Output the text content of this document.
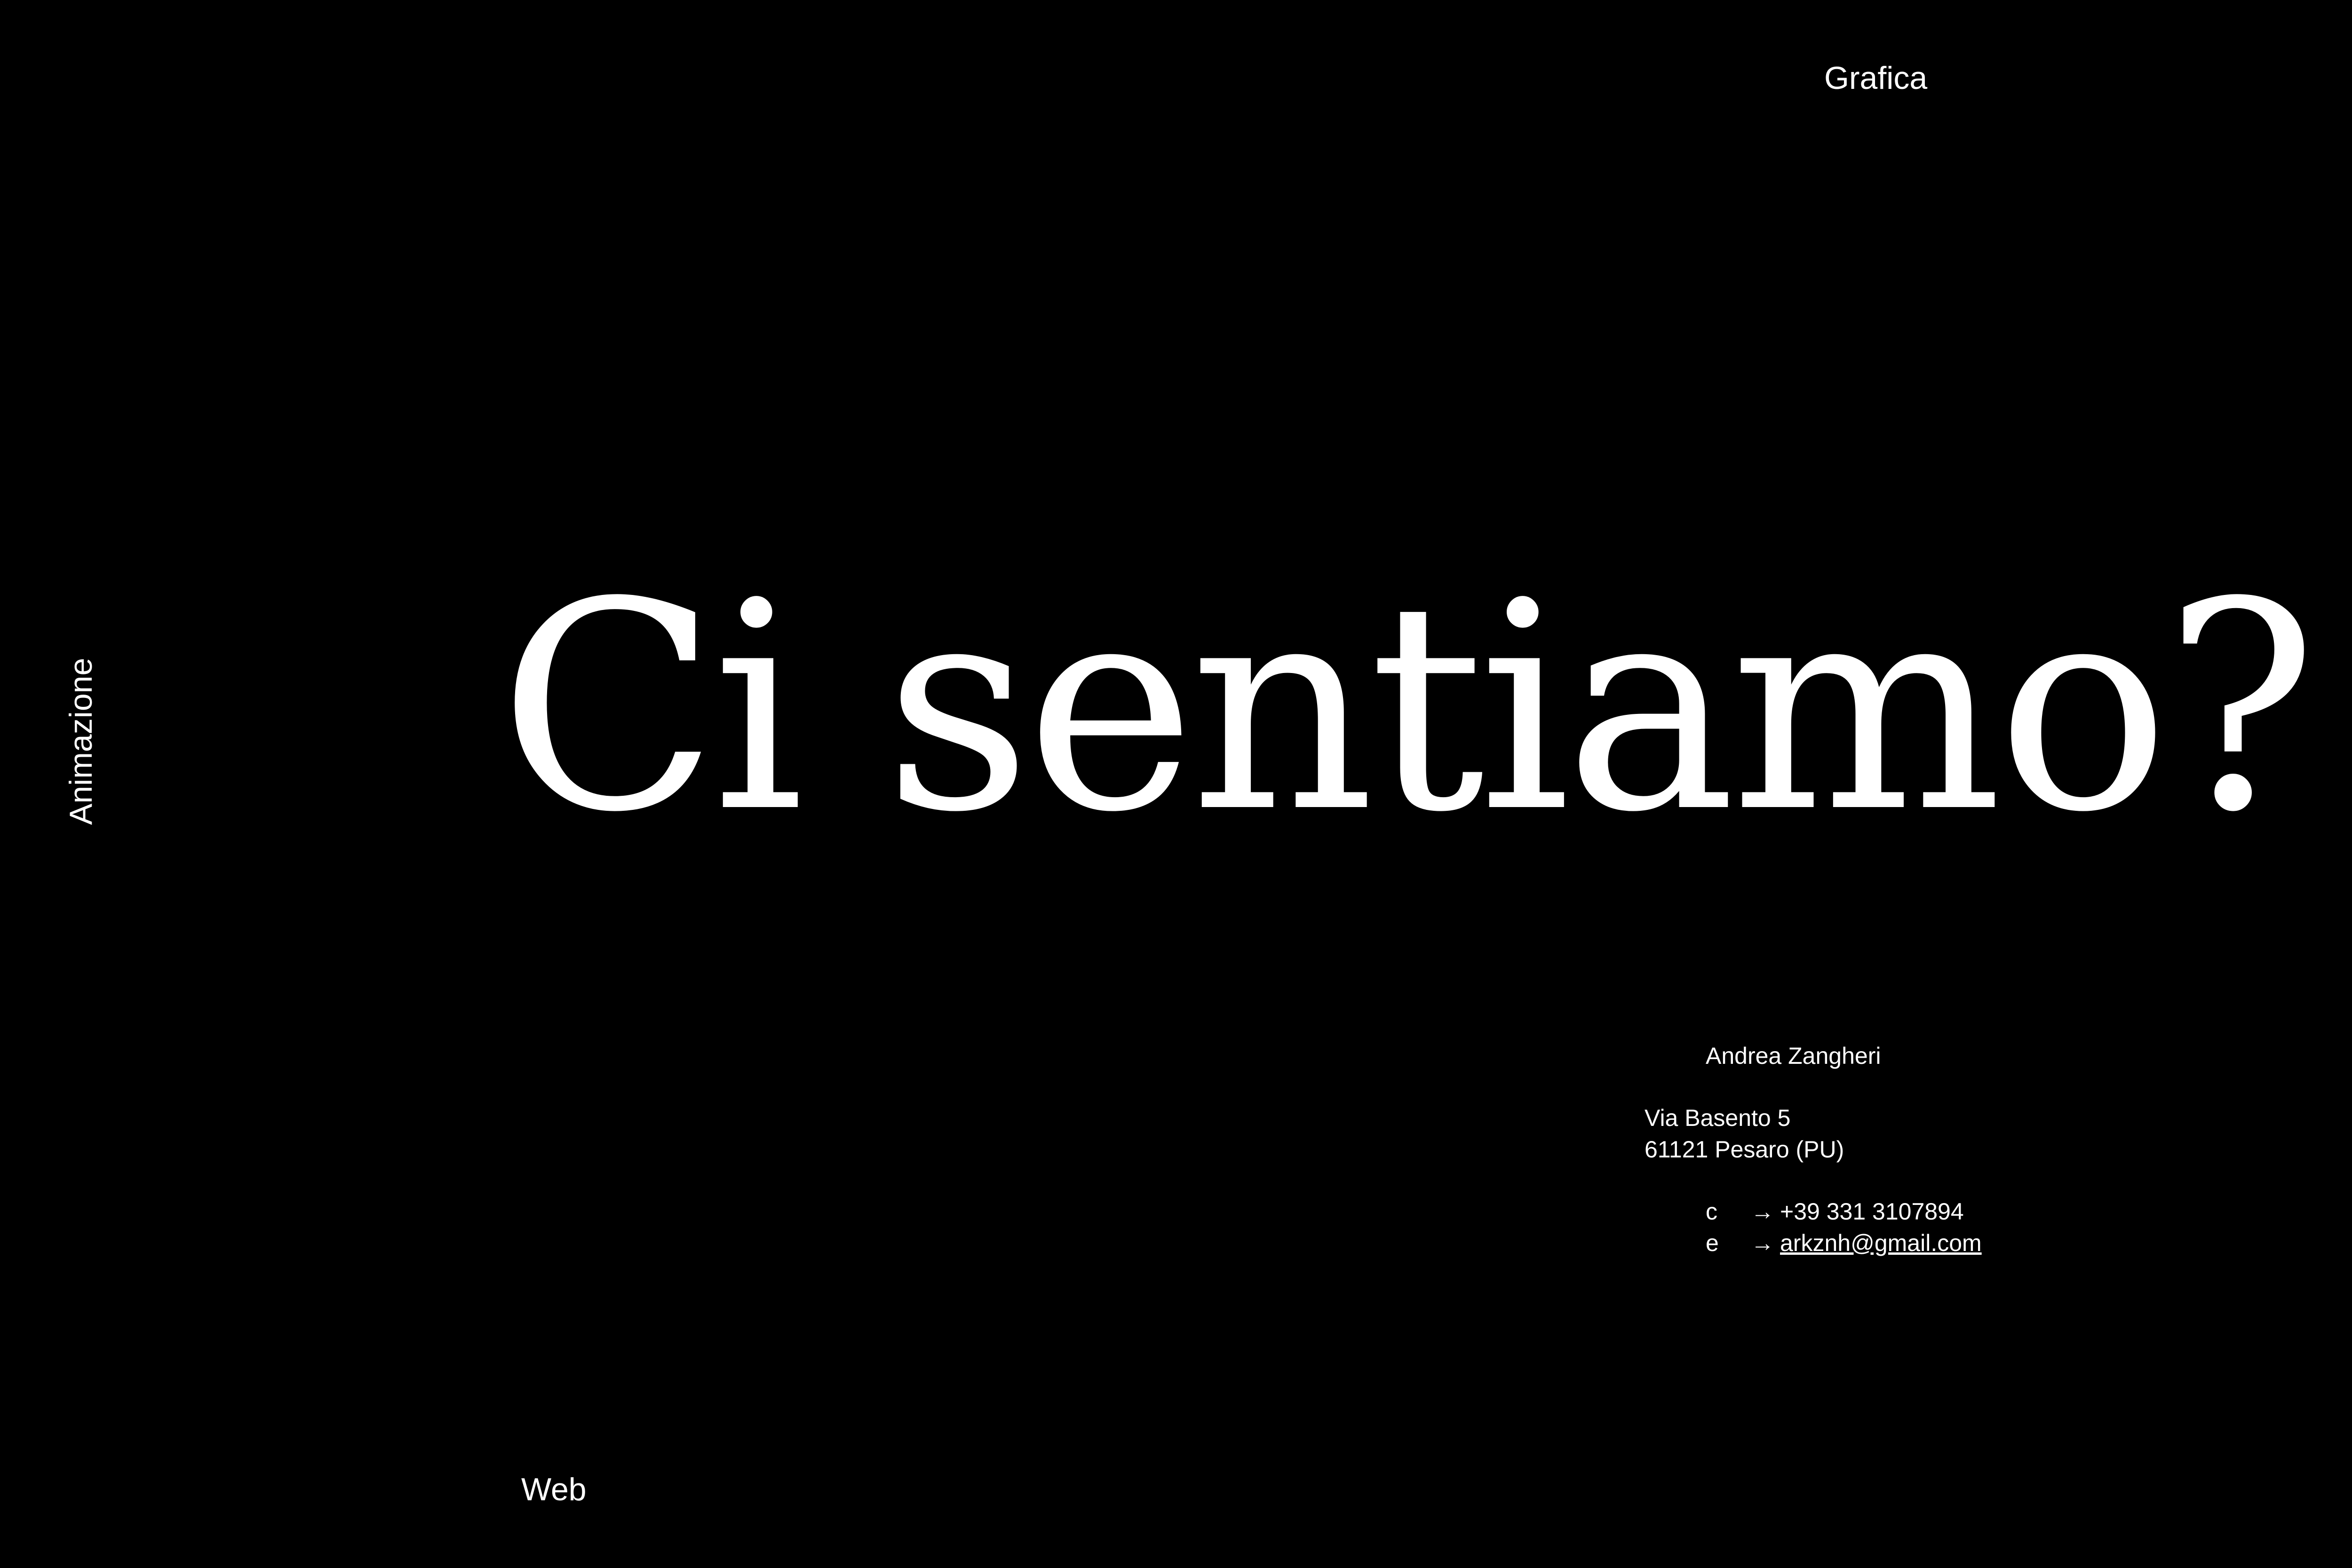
Grafica
Animazione
Web
Ci sentiamo?
Andrea Zangheri
Via Basento 5
61121 Pesaro (PU)
c → +39 331 3107894
e → arkznh@gmail.com
